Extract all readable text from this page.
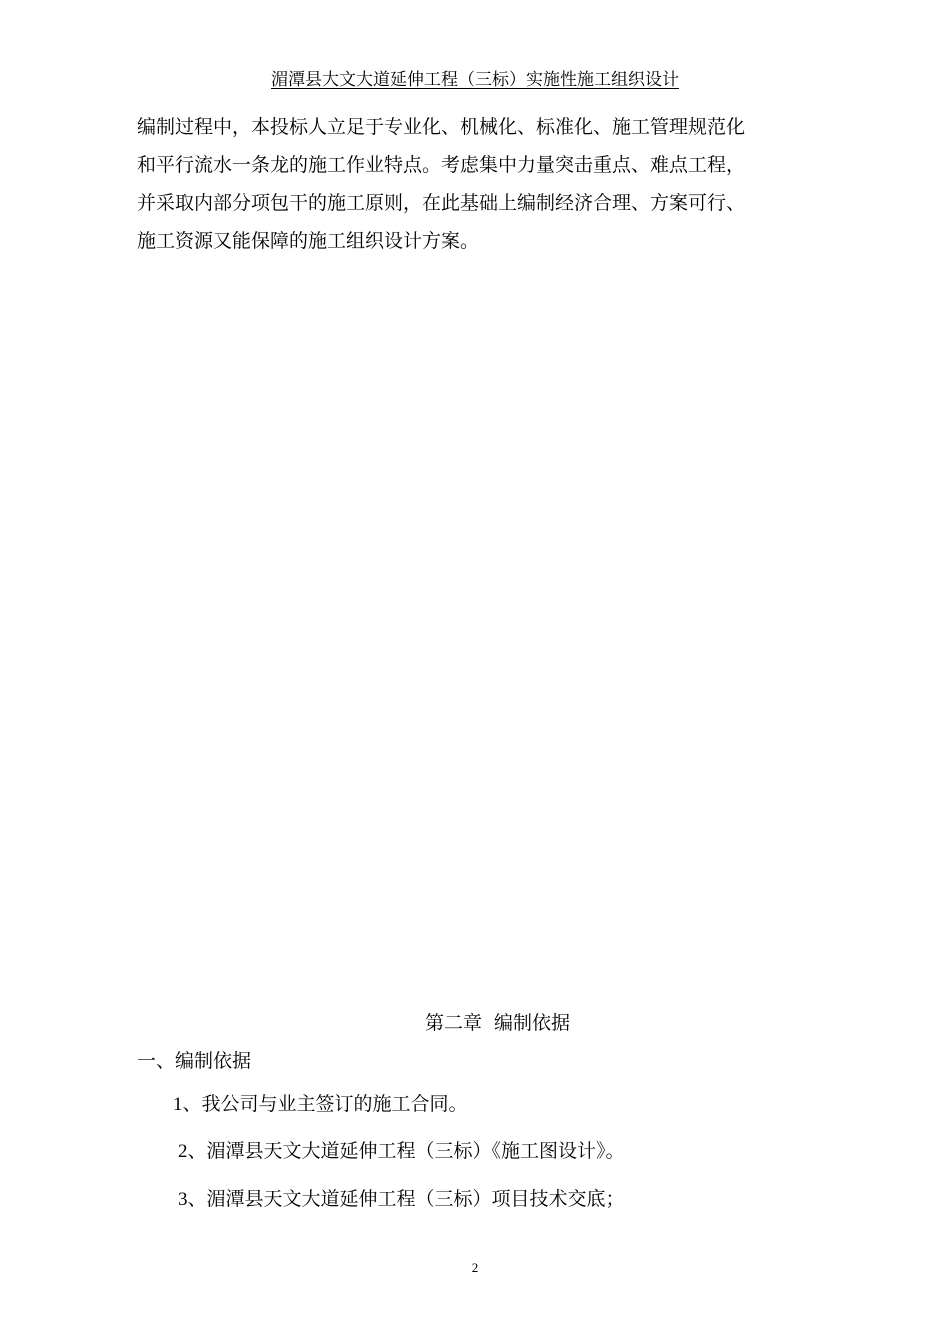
湄潭县大文大道延伸工程（三标）实施性施工组织设计
编制过程中，本投标人立足于专业化、机械化、标准化、施工管理规范化
和平行流水一条龙的施工作业特点。考虑集中力量突击重点、难点工程，
并采取内部分项包干的施工原则，在此基础上编制经济合理、方案可行、
施工资源又能保障的施工组织设计方案。
第二章  编制依据
一、编制依据
1、我公司与业主签订的施工合同。
2、湄潭县天文大道延伸工程（三标）《施工图设计》。
3、湄潭县天文大道延伸工程（三标）项目技术交底；
2
